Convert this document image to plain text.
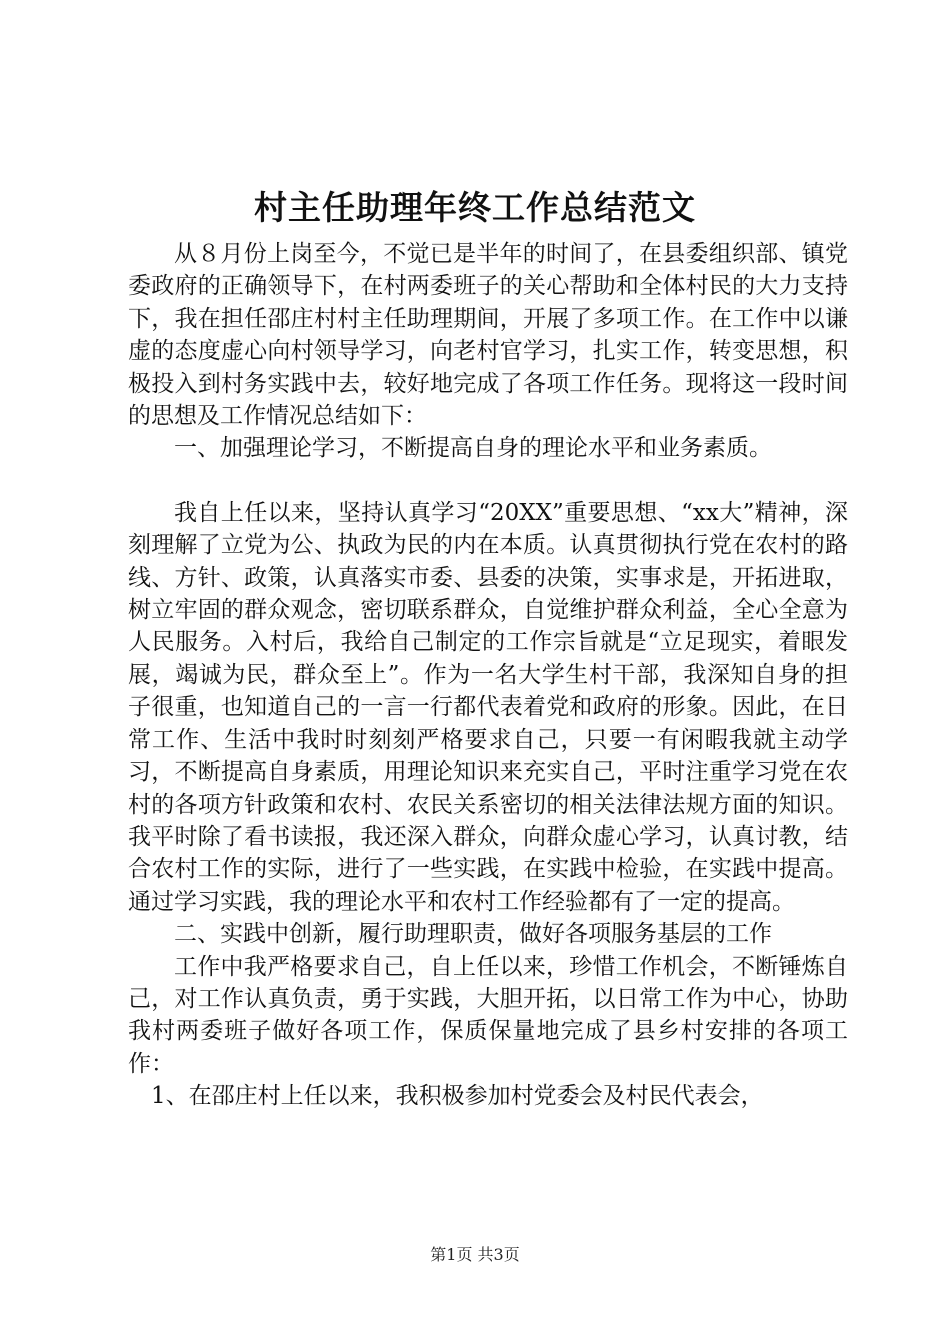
村主任助理年终工作总结范文

从８月份上岗至今，不觉已是半年的时间了，在县委组织部、镇党委政府的正确领导下，在村两委班子的关心帮助和全体村民的大力支持下，我在担任邵庄村村主任助理期间，开展了多项工作。在工作中以谦虚的态度虚心向村领导学习，向老村官学习，扎实工作，转变思想，积极投入到村务实践中去，较好地完成了各项工作任务。现将这一段时间的思想及工作情况总结如下：

一、加强理论学习，不断提高自身的理论水平和业务素质。

我自上任以来，坚持认真学习“20XX”重要思想、“xx大”精神，深刻理解了立党为公、执政为民的内在本质。认真贯彻执行党在农村的路线、方针、政策，认真落实市委、县委的决策，实事求是，开拓进取，树立牢固的群众观念，密切联系群众，自觉维护群众利益，全心全意为人民服务。入村后，我给自己制定的工作宗旨就是“立足现实，着眼发展，竭诚为民，群众至上”。作为一名大学生村干部，我深知自身的担子很重，也知道自己的一言一行都代表着党和政府的形象。因此，在日常工作、生活中我时时刻刻严格要求自己，只要一有闲暇我就主动学习，不断提高自身素质，用理论知识来充实自己，平时注重学习党在农村的各项方针政策和农村、农民关系密切的相关法律法规方面的知识。我平时除了看书读报，我还深入群众，向群众虚心学习，认真讨教，结合农村工作的实际，进行了一些实践，在实践中检验，在实践中提高。通过学习实践，我的理论水平和农村工作经验都有了一定的提高。

二、实践中创新，履行助理职责，做好各项服务基层的工作

工作中我严格要求自己，自上任以来，珍惜工作机会，不断锤炼自己，对工作认真负责，勇于实践，大胆开拓，以日常工作为中心，协助我村两委班子做好各项工作，保质保量地完成了县乡村安排的各项工作：

1、在邵庄村上任以来，我积极参加村党委会及村民代表会，

第1页 共3页
